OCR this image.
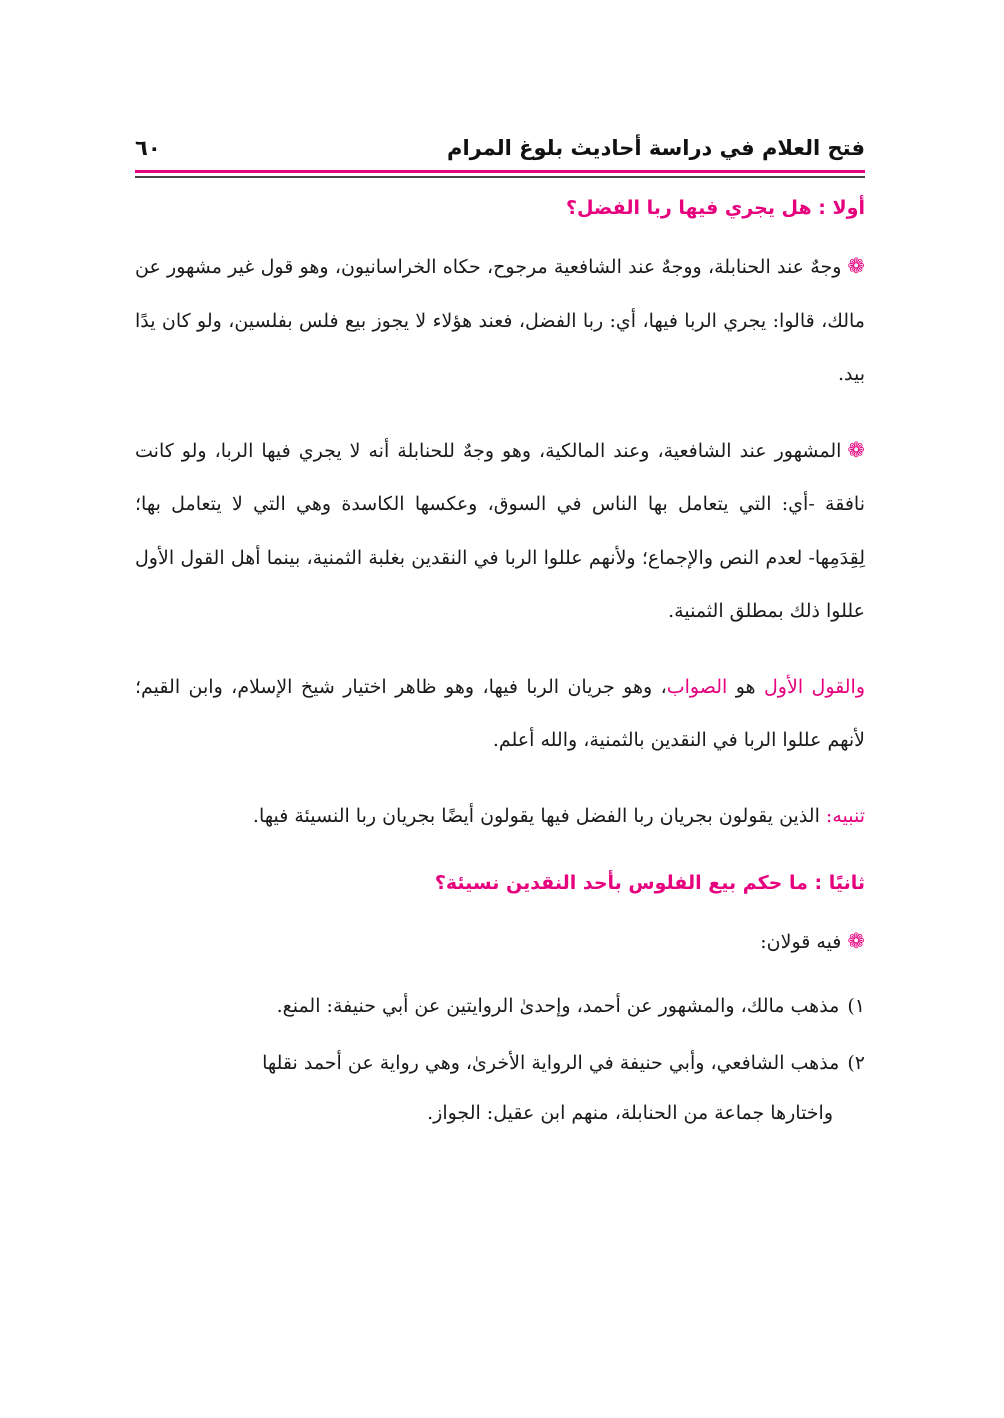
فتح العلام في دراسة أحاديث بلوغ المرام
٦٠
أولا : هل يجري فيها ربا الفضل؟

❁وجهٌ عند الحنابلة، ووجهٌ عند الشافعية مرجوح، حكاه الخراسانيون، وهو قول غير مشهور عن مالك، قالوا: يجري الربا فيها، أي: ربا الفضل، فعند هؤلاء لا يجوز بيع فلس بفلسين، ولو كان يدًا بيد.

❁المشهور عند الشافعية، وعند المالكية، وهو وجهٌ للحنابلة أنه لا يجري فيها الربا، ولو كانت نافقة -أي: التي يتعامل بها الناس في السوق، وعكسها الكاسدة وهي التي لا يتعامل بها؛ لِقِدَمِها- لعدم النص والإجماع؛ ولأنهم عللوا الربا في النقدين بغلبة الثمنية، بينما أهل القول الأول عللوا ذلك بمطلق الثمنية.

والقول الأول هو الصواب، وهو جريان الربا فيها، وهو ظاهر اختيار شيخ الإسلام، وابن القيم؛ لأنهم عللوا الربا في النقدين بالثمنية، والله أعلم.

تنبيه: الذين يقولون بجريان ربا الفضل فيها يقولون أيضًا بجريان ربا النسيئة فيها.

ثانيًا : ما حكم بيع الفلوس بأحد النقدين نسيئة؟

❁فيه قولان:

١)مذهب مالك، والمشهور عن أحمد، وإحدىٰ الروايتين عن أبي حنيفة: المنع.
٢)مذهب الشافعي، وأبي حنيفة في الرواية الأخرىٰ، وهي رواية عن أحمد نقلها
واختارها جماعة من الحنابلة، منهم ابن عقيل: الجواز.
